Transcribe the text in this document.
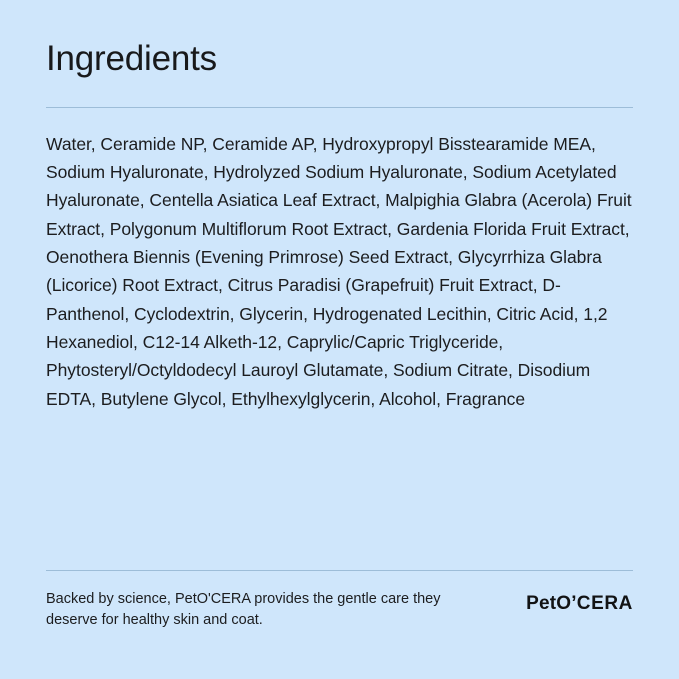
Ingredients
Water, Ceramide NP, Ceramide AP, Hydroxypropyl Bisstearamide MEA, Sodium Hyaluronate, Hydrolyzed Sodium Hyaluronate, Sodium Acetylated Hyaluronate, Centella Asiatica Leaf Extract, Malpighia Glabra (Acerola) Fruit Extract, Polygonum Multiflorum Root Extract, Gardenia Florida Fruit Extract, Oenothera Biennis (Evening Primrose) Seed Extract, Glycyrrhiza Glabra (Licorice) Root Extract, Citrus Paradisi (Grapefruit) Fruit Extract, D-Panthenol, Cyclodextrin, Glycerin, Hydrogenated Lecithin, Citric Acid, 1,2 Hexanediol, C12-14 Alketh-12, Caprylic/Capric Triglyceride, Phytosteryl/Octyldodecyl Lauroyl Glutamate, Sodium Citrate, Disodium EDTA, Butylene Glycol, Ethylhexylglycerin, Alcohol, Fragrance
Backed by science, PetO'CERA provides the gentle care they deserve for healthy skin and coat.
PetO’CERA
